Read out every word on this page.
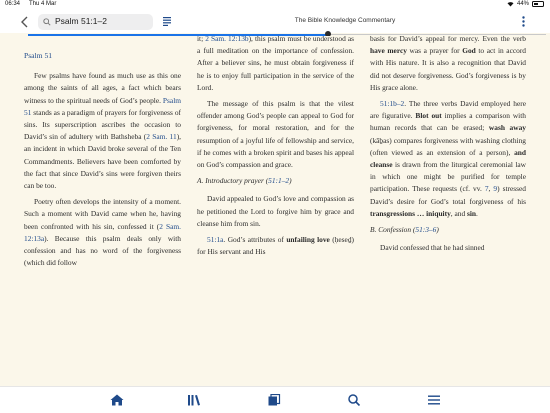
06:34 Thu 4 Mar	44%
Psalm 51:1–2	The Bible Knowledge Commentary
Psalm 51

Few psalms have found as much use as this one among the saints of all ages, a fact which bears witness to the spiritual needs of God’s people. Psalm 51 stands as a paradigm of prayers for forgiveness of sins. Its superscription ascribes the occasion to David’s sin of adultery with Bathsheba (2 Sam. 11), an incident in which David broke several of the Ten Commandments. Believers have been comforted by the fact that since David’s sins were forgiven theirs can be too.

Poetry often develops the intensity of a moment. Such a moment with David came when he, having been confronted with his sin, confessed it (2 Sam. 12:13a). Because this psalm deals only with confession and has no word of the forgiveness (which did follow

it; 2 Sam. 12:13b), this psalm must be understood as a full meditation on the importance of confession. After a believer sins, he must obtain forgiveness if he is to enjoy full participation in the service of the Lord.

The message of this psalm is that the vilest offender among God’s people can appeal to God for forgiveness, for moral restoration, and for the resumption of a joyful life of fellowship and service, if he comes with a broken spirit and bases his appeal on God’s compassion and grace.

A. Introductory prayer (51:1–2)

David appealed to God’s love and compassion as he petitioned the Lord to forgive him by grace and cleanse him from sin.

51:1a. God’s attributes of unfailing love (ḥeseḏ) for His servant and His

basis for David’s appeal for mercy. Even the verb have mercy was a prayer for God to act in accord with His nature. It is also a recognition that David did not deserve forgiveness. God’s forgiveness is by His grace alone.

51:1b–2. The three verbs David employed here are figurative. Blot out implies a comparison with human records that can be erased; wash away (kāḇas) compares forgiveness with washing clothing (often viewed as an extension of a person), and cleanse is drawn from the liturgical ceremonial law in which one might be purified for temple participation. These requests (cf. vv. 7, 9) stressed David’s desire for God’s total forgiveness of his transgressions … iniquity, and sin.

B. Confession (51:3–6)

David confessed that he had sinned
